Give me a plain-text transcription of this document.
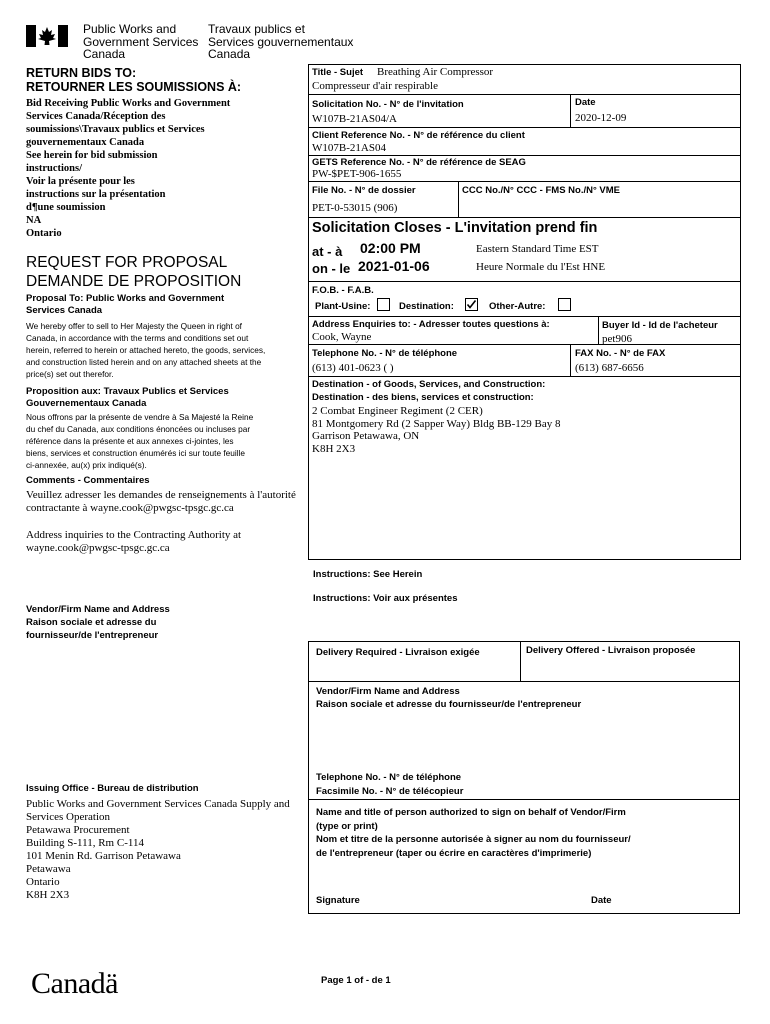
Public Works and
Government Services
Canada
Travaux publics et
Services gouvernementaux
Canada
RETURN BIDS TO:
RETOURNER LES SOUMISSIONS À:
Bid Receiving Public Works and Government
Services Canada/Réception des
soumissions\Travaux publics et Services
gouvernementaux Canada
See herein for bid submission
instructions/
Voir la présente pour les
instructions sur la présentation
d¶une soumission
NA
Ontario
REQUEST FOR PROPOSAL
DEMANDE DE PROPOSITION
Proposal To: Public Works and Government Services Canada
We hereby offer to sell to Her Majesty the Queen in right of Canada, in accordance with the terms and conditions set out herein, referred to herein or attached hereto, the goods, services, and construction listed herein and on any attached sheets at the price(s) set out therefor.
Proposition aux: Travaux Publics et Services Gouvernementaux Canada
Nous offrons par la présente de vendre à Sa Majesté la Reine du chef du Canada, aux conditions énoncées ou incluses par référence dans la présente et aux annexes ci-jointes, les biens, services et construction énumérés ici sur toute feuille ci-annexée, au(x) prix indiqué(s).
Comments - Commentaires
Veuillez adresser les demandes de renseignements à l'autorité contractante à wayne.cook@pwgsc-tpsgc.gc.ca
Address inquiries to the Contracting Authority at wayne.cook@pwgsc-tpsgc.gc.ca
Vendor/Firm Name and Address
Raison sociale et adresse du
fournisseur/de l'entrepreneur
Issuing Office - Bureau de distribution
Public Works and Government Services Canada Supply and
Services Operation
Petawawa Procurement
Building S-111, Rm C-114
101 Menin Rd. Garrison Petawawa
Petawawa
Ontario
K8H 2X3
Title - Sujet Breathing Air Compressor
Compresseur d'air respirable
Solicitation No. - N° de l'invitation
W107B-21AS04/A
Date
2020-12-09
Client Reference No. - N° de référence du client
W107B-21AS04
GETS Reference No. - N° de référence de SEAG
PW-$PET-906-1655
File No. - N° de dossier
PET-0-53015 (906)
CCC No./N° CCC - FMS No./N° VME
Solicitation Closes - L'invitation prend fin
at - à 02:00 PM
on - le 2021-01-06
Eastern Standard Time EST
Heure Normale du l'Est HNE
F.O.B. - F.A.B.
Plant-Usine:	Destination:	Other-Autre:
Address Enquiries to: - Adresser toutes questions à:
Cook, Wayne
Buyer Id - Id de l'acheteur
pet906
Telephone No. - N° de téléphone
(613) 401-0623 ( )
FAX No. - N° de FAX
(613) 687-6656
Destination - of Goods, Services, and Construction:
Destination - des biens, services et construction:
2 Combat Engineer Regiment (2 CER)
81 Montgomery Rd (2 Sapper Way) Bldg BB-129 Bay 8
Garrison Petawawa, ON
K8H 2X3
Instructions: See Herein
Instructions: Voir aux présentes
Delivery Required - Livraison exigée	Delivery Offered - Livraison proposée
Vendor/Firm Name and Address
Raison sociale et adresse du fournisseur/de l'entrepreneur
Telephone No. - N° de téléphone
Facsimile No. - N° de télécopieur
Name and title of person authorized to sign on behalf of Vendor/Firm
(type or print)
Nom et titre de la personne autorisée à signer au nom du fournisseur/
de l'entrepreneur (taper ou écrire en caractères d'imprimerie)
Signature	Date
Canadä	Page 1 of - de 1
